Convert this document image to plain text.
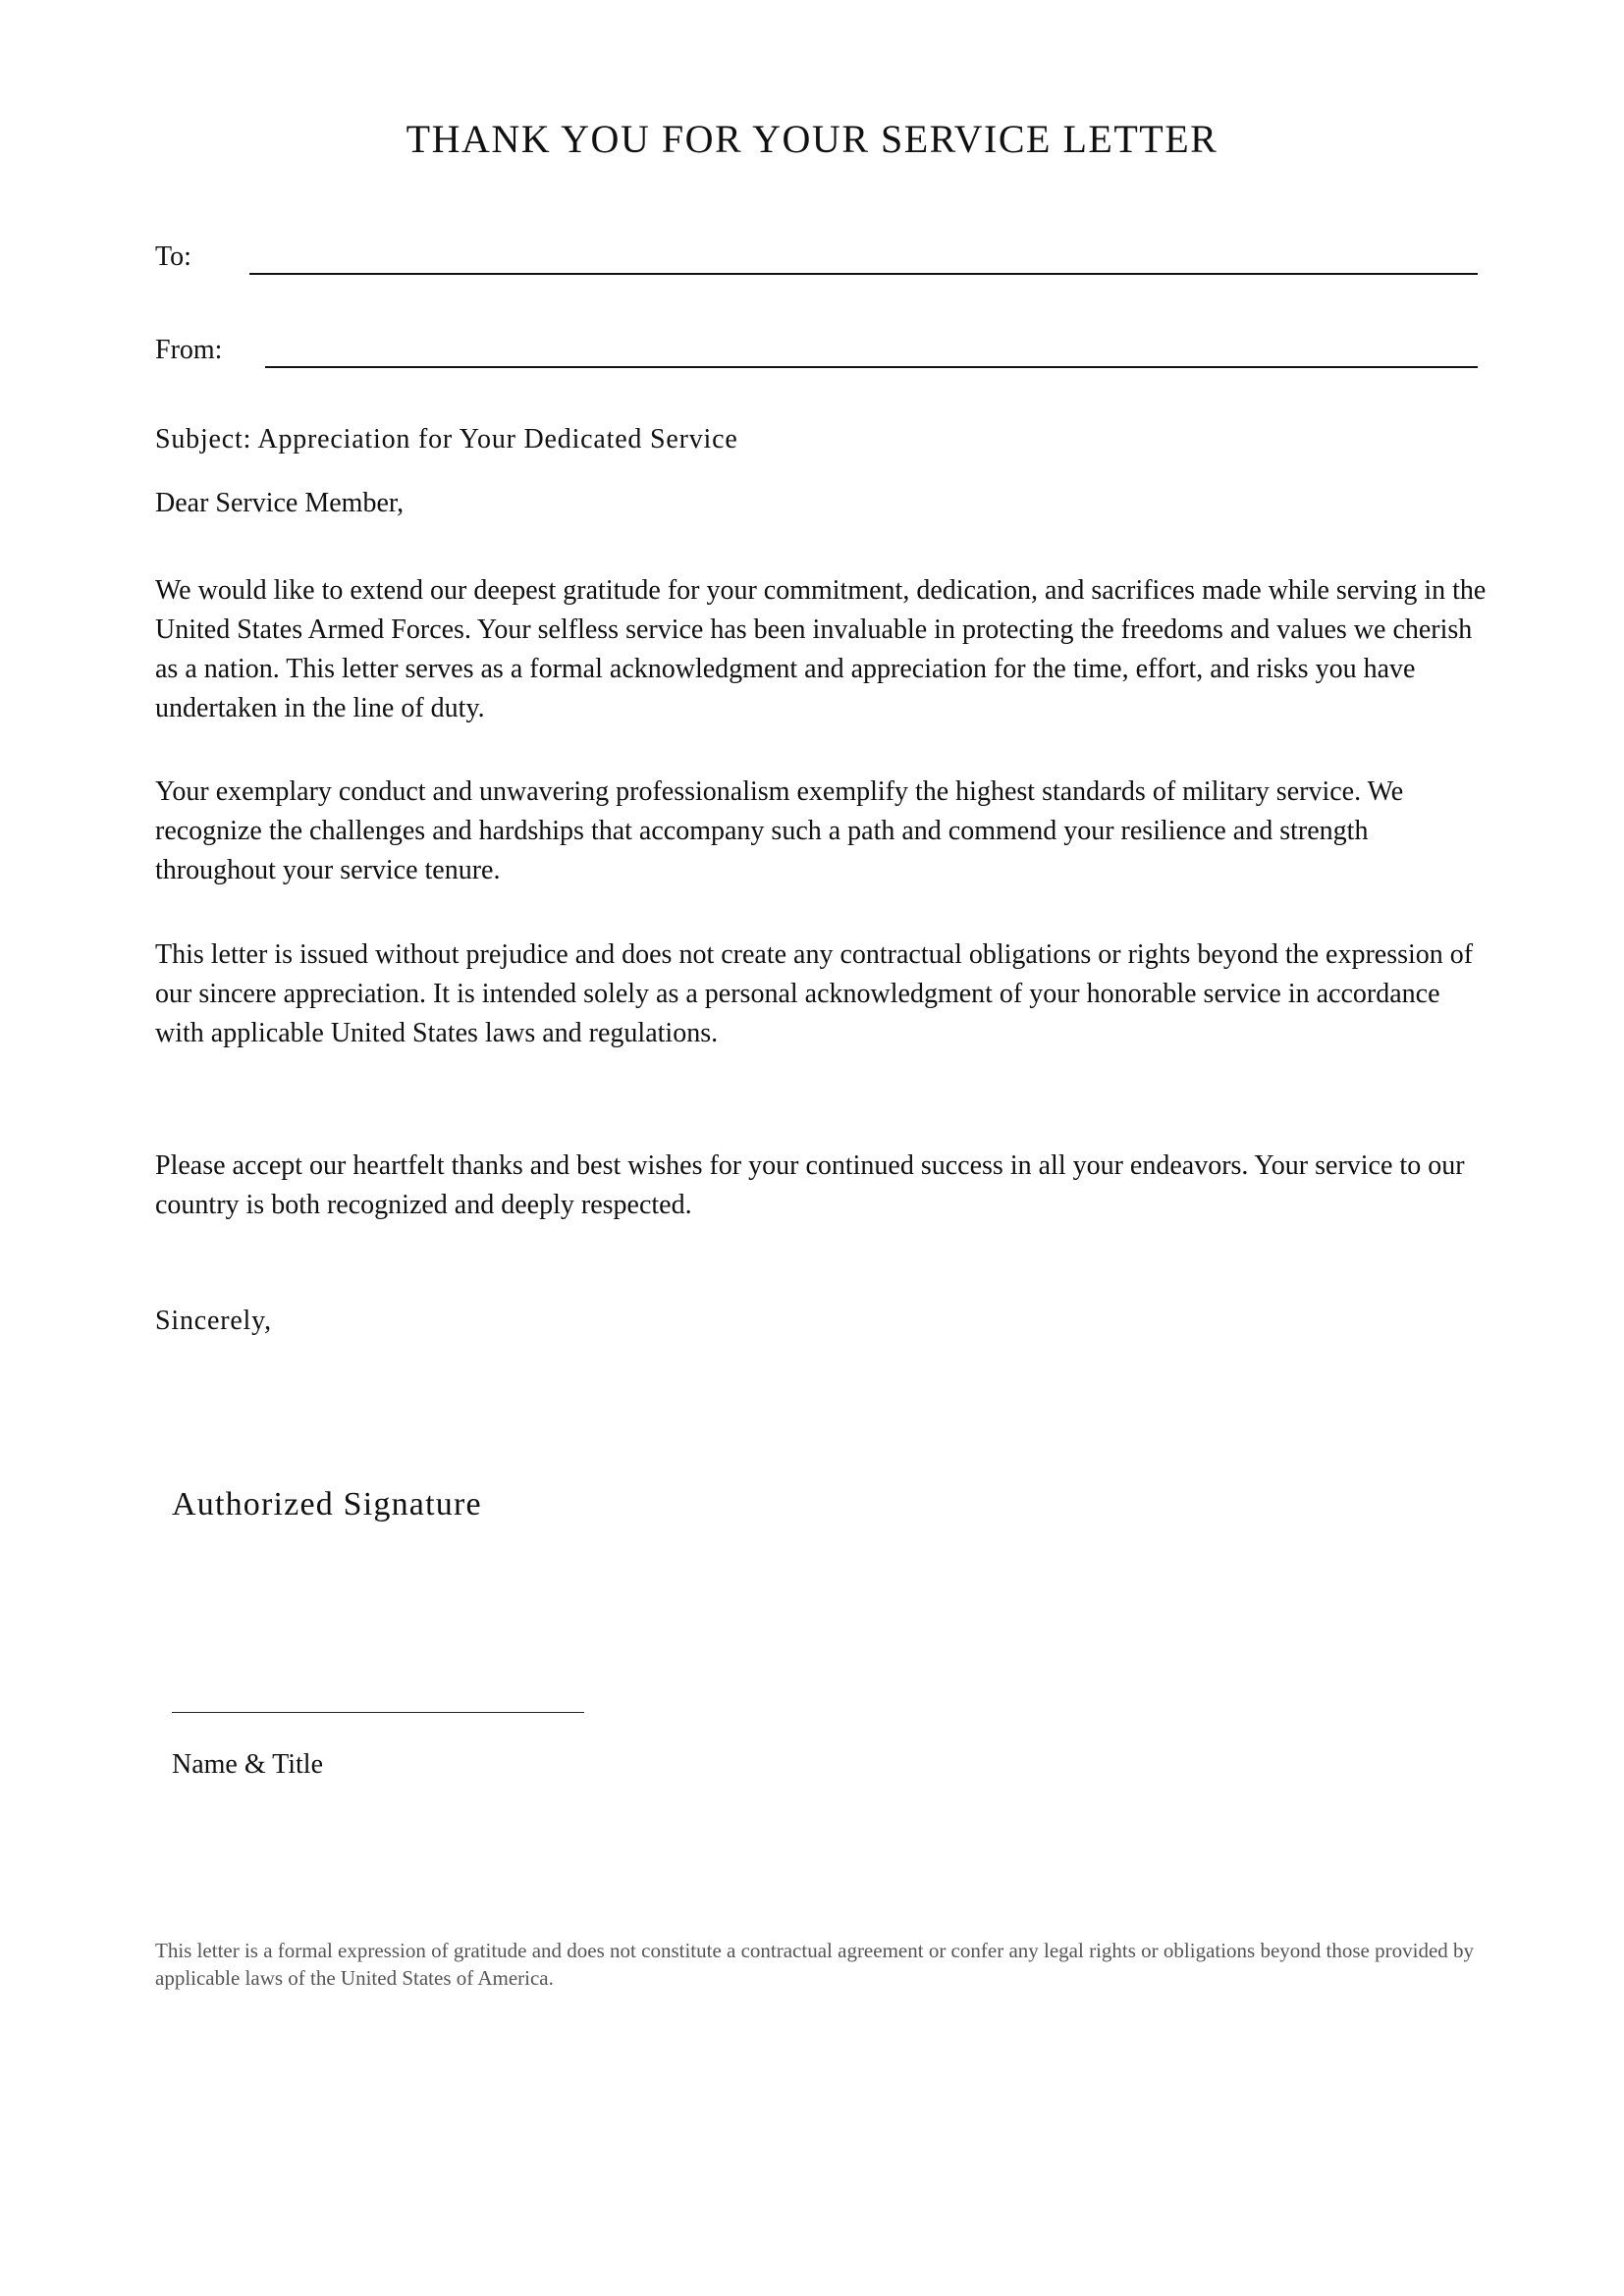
THANK YOU FOR YOUR SERVICE LETTER
To:
From:

Subject: Appreciation for Your Dedicated Service

Dear Service Member,

We would like to extend our deepest gratitude for your commitment, dedication, and sacrifices made while serving in the United States Armed Forces. Your selfless service has been invaluable in protecting the freedoms and values we cherish as a nation. This letter serves as a formal acknowledgment and appreciation for the time, effort, and risks you have undertaken in the line of duty.

Your exemplary conduct and unwavering professionalism exemplify the highest standards of military service. We recognize the challenges and hardships that accompany such a path and commend your resilience and strength throughout your service tenure.

This letter is issued without prejudice and does not create any contractual obligations or rights beyond the expression of our sincere appreciation. It is intended solely as a personal acknowledgment of your honorable service in accordance with applicable United States laws and regulations.

Please accept our heartfelt thanks and best wishes for your continued success in all your endeavors. Your service to our country is both recognized and deeply respected.

Sincerely,

Authorized Signature

Name & Title

This letter is a formal expression of gratitude and does not constitute a contractual agreement or confer any legal rights or obligations beyond those provided by applicable laws of the United States of America.
